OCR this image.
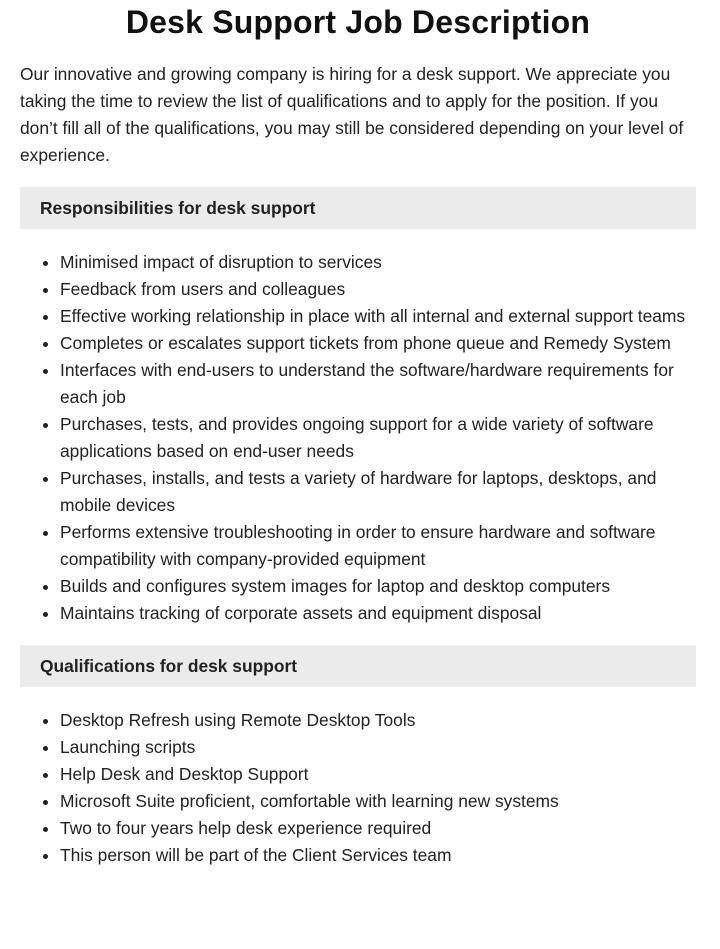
Desk Support Job Description

Our innovative and growing company is hiring for a desk support. We appreciate you taking the time to review the list of qualifications and to apply for the position. If you don’t fill all of the qualifications, you may still be considered depending on your level of experience.

Responsibilities for desk support
• Minimised impact of disruption to services
• Feedback from users and colleagues
• Effective working relationship in place with all internal and external support teams
• Completes or escalates support tickets from phone queue and Remedy System
• Interfaces with end-users to understand the software/hardware requirements for each job
• Purchases, tests, and provides ongoing support for a wide variety of software applications based on end-user needs
• Purchases, installs, and tests a variety of hardware for laptops, desktops, and mobile devices
• Performs extensive troubleshooting in order to ensure hardware and software compatibility with company-provided equipment
• Builds and configures system images for laptop and desktop computers
• Maintains tracking of corporate assets and equipment disposal
Qualifications for desk support
• Desktop Refresh using Remote Desktop Tools
• Launching scripts
• Help Desk and Desktop Support
• Microsoft Suite proficient, comfortable with learning new systems
• Two to four years help desk experience required
• This person will be part of the Client Services team
